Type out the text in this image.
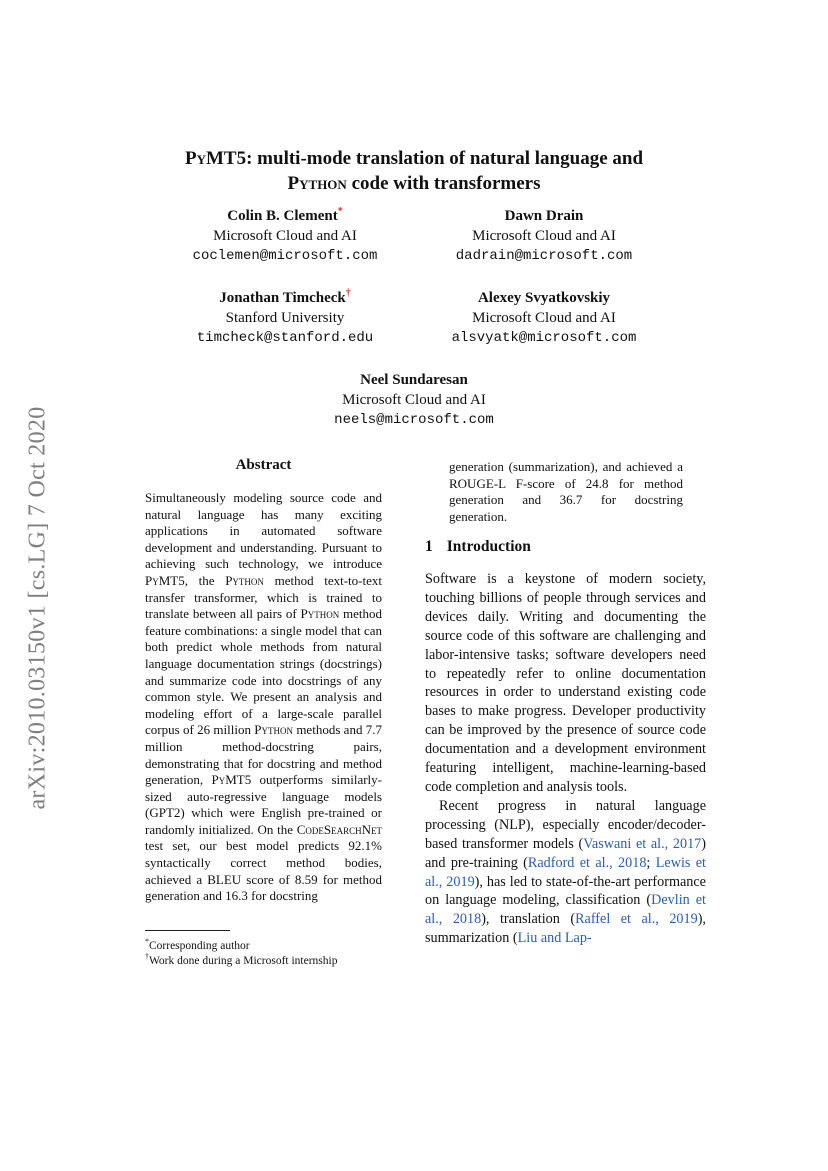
PyMT5: multi-mode translation of natural language and
Python code with transformers
Colin B. Clement*
Microsoft Cloud and AI
coclemen@microsoft.com
Dawn Drain
Microsoft Cloud and AI
dadrain@microsoft.com
Jonathan Timcheck†
Stanford University
timcheck@stanford.edu
Alexey Svyatkovskiy
Microsoft Cloud and AI
alsvyatk@microsoft.com
Neel Sundaresan
Microsoft Cloud and AI
neels@microsoft.com
arXiv:2010.03150v1 [cs.LG] 7 Oct 2020	Abstract

Simultaneously modeling source code and natural language has many exciting applications in automated software development and understanding. Pursuant to achieving such technology, we introduce PyMT5, the Python method text-to-text transfer transformer, which is trained to translate between all pairs of Python method feature combinations: a single model that can both predict whole methods from natural language documentation strings (docstrings) and summarize code into docstrings of any common style. We present an analysis and modeling effort of a large-scale parallel corpus of 26 million Python methods and 7.7 million method-docstring pairs, demonstrating that for docstring and method generation, PyMT5 outperforms similarly-sized auto-regressive language models (GPT2) which were English pre-trained or randomly initialized. On the CodeSearchNet test set, our best model predicts 92.1% syntactically correct method bodies, achieved a BLEU score of 8.59 for method generation and 16.3 for docstring

*Corresponding author
†Work done during a Microsoft internship

generation (summarization), and achieved a ROUGE-L F-score of 24.8 for method generation and 36.7 for docstring generation.

1 Introduction

Software is a keystone of modern society, touching billions of people through services and devices daily. Writing and documenting the source code of this software are challenging and labor-intensive tasks; software developers need to repeatedly refer to online documentation resources in order to understand existing code bases to make progress. Developer productivity can be improved by the presence of source code documentation and a development environment featuring intelligent, machine-learning-based code completion and analysis tools.

Recent progress in natural language processing (NLP), especially encoder/decoder-based transformer models (Vaswani et al., 2017) and pre-training (Radford et al., 2018; Lewis et al., 2019), has led to state-of-the-art performance on language modeling, classification (Devlin et al., 2018), translation (Raffel et al., 2019), summarization (Liu and Lap-
